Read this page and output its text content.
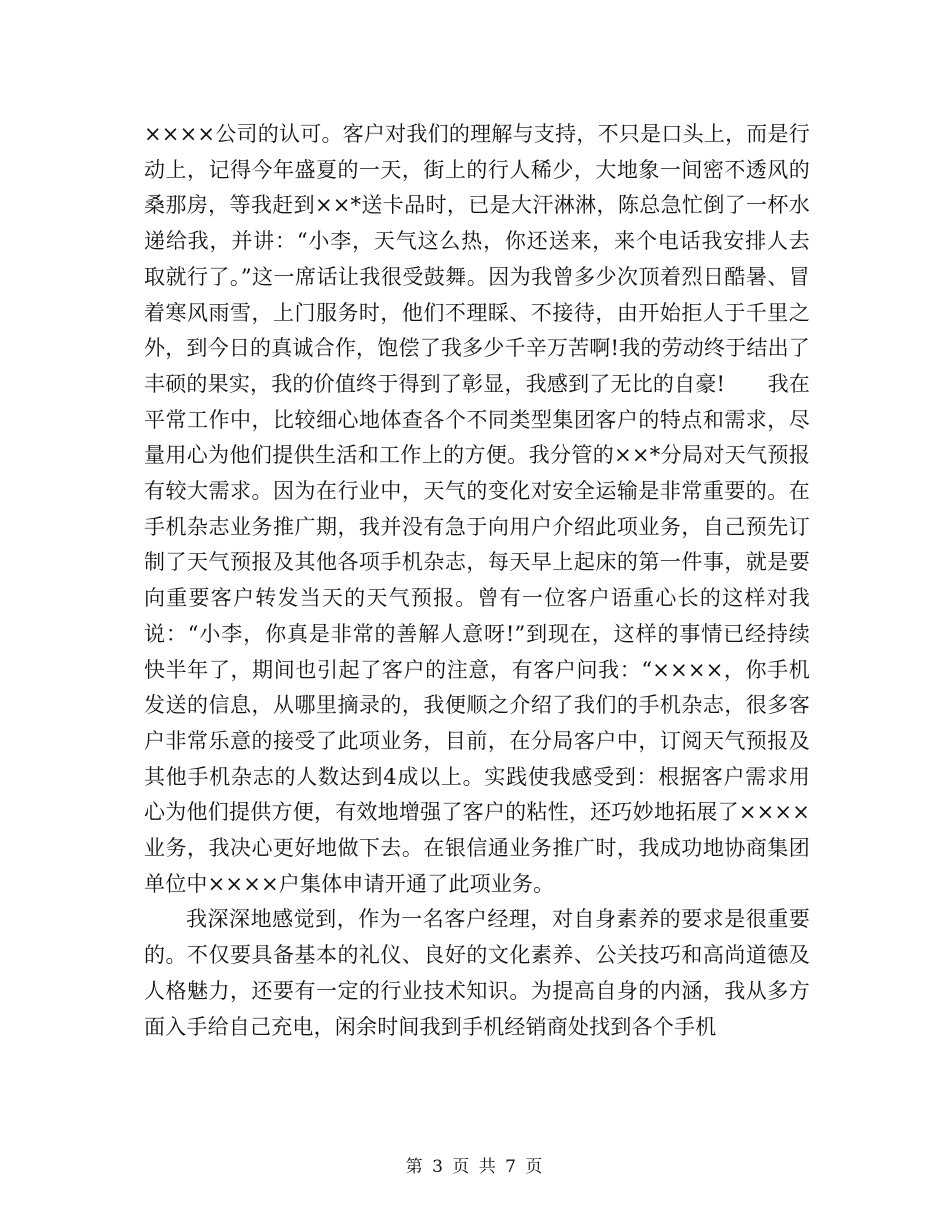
××××公司的认可。客户对我们的理解与支持，不只是口头上，而是行动上，记得今年盛夏的一天，街上的行人稀少，大地象一间密不透风的桑那房，等我赶到××*送卡品时，已是大汗淋淋，陈总急忙倒了一杯水递给我，并讲：“小李，天气这么热，你还送来，来个电话我安排人去取就行了。”这一席话让我很受鼓舞。因为我曾多少次顶着烈日酷暑、冒着寒风雨雪，上门服务时，他们不理睬、不接待，由开始拒人于千里之外，到今日的真诚合作，饱偿了我多少千辛万苦啊!我的劳动终于结出了丰硕的果实，我的价值终于得到了彰显，我感到了无比的自豪!　　我在平常工作中，比较细心地体查各个不同类型集团客户的特点和需求，尽量用心为他们提供生活和工作上的方便。我分管的××*分局对天气预报有较大需求。因为在行业中，天气的变化对安全运输是非常重要的。在手机杂志业务推广期，我并没有急于向用户介绍此项业务，自己预先订制了天气预报及其他各项手机杂志，每天早上起床的第一件事，就是要向重要客户转发当天的天气预报。曾有一位客户语重心长的这样对我说：“小李，你真是非常的善解人意呀!”到现在，这样的事情已经持续快半年了，期间也引起了客户的注意，有客户问我：“××××，你手机发送的信息，从哪里摘录的，我便顺之介绍了我们的手机杂志，很多客户非常乐意的接受了此项业务，目前，在分局客户中，订阅天气预报及其他手机杂志的人数达到4成以上。实践使我感受到：根据客户需求用心为他们提供方便，有效地增强了客户的粘性，还巧妙地拓展了××××业务，我决心更好地做下去。在银信通业务推广时，我成功地协商集团单位中××××户集体申请开通了此项业务。

我深深地感觉到，作为一名客户经理，对自身素养的要求是很重要的。不仅要具备基本的礼仪、良好的文化素养、公关技巧和高尚道德及人格魅力，还要有一定的行业技术知识。为提高自身的内涵，我从多方面入手给自己充电，闲余时间我到手机经销商处找到各个手机

第 3 页 共 7 页
